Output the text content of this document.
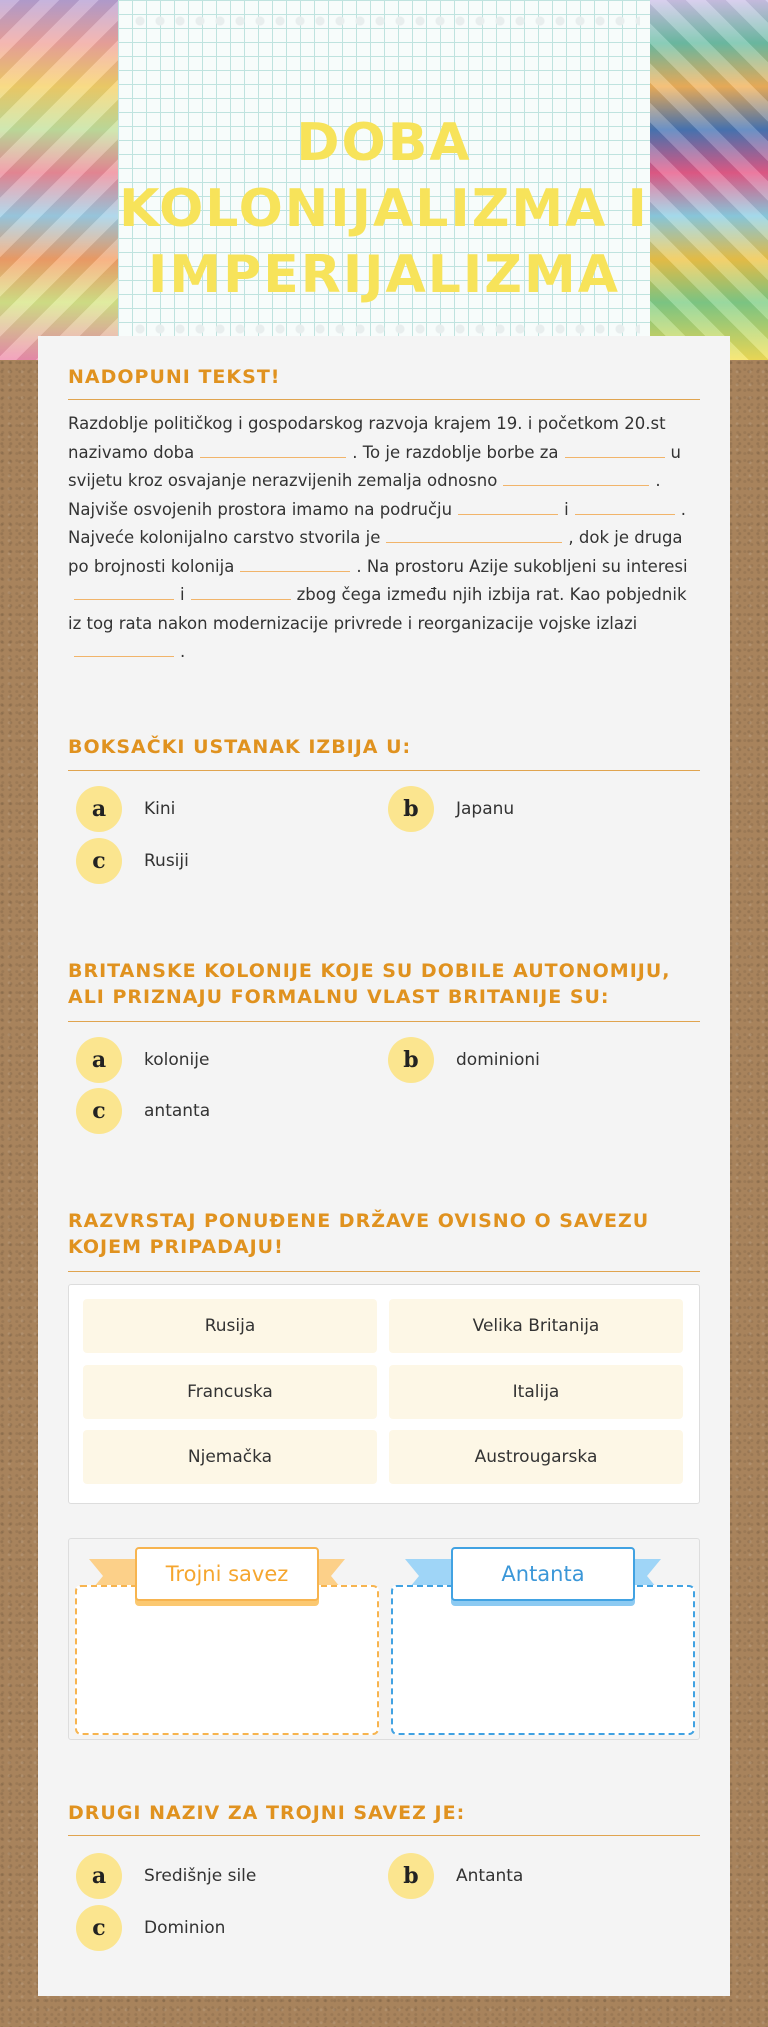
DOBA KOLONIJALIZMA I IMPERIJALIZMA
NADOPUNI TEKST!
Razdoblje političkog i gospodarskog razvoja krajem 19. i početkom 20.st
nazivamo doba	. To je razdoblje borbe za	u
svijetu kroz osvajanje nerazvijenih zemalja odnosno	.
Najviše osvojenih prostora imamo na području	i	.
Najveće kolonijalno carstvo stvorila je	, dok je druga
po brojnosti kolonija	. Na prostoru Azije sukobljeni su interesi
i	zbog čega između njih izbija rat. Kao pobjednik
iz tog rata nakon modernizacije privrede i reorganizacije vojske izlazi
.
BOKSAČKI USTANAK IZBIJA U:
a	Kini	b	Japanu
c	Rusiji
BRITANSKE KOLONIJE KOJE SU DOBILE AUTONOMIJU, ALI PRIZNAJU FORMALNU VLAST BRITANIJE SU:
a	kolonije	b	dominioni
c	antanta
RAZVRSTAJ PONUĐENE DRŽAVE OVISNO O SAVEZU KOJEM PRIPADAJU!
Rusija	Velika Britanija
Francuska	Italija
Njemačka	Austrougarska
Trojni savez	Antanta
DRUGI NAZIV ZA TROJNI SAVEZ JE:
a	Središnje sile	b	Antanta
c	Dominion
